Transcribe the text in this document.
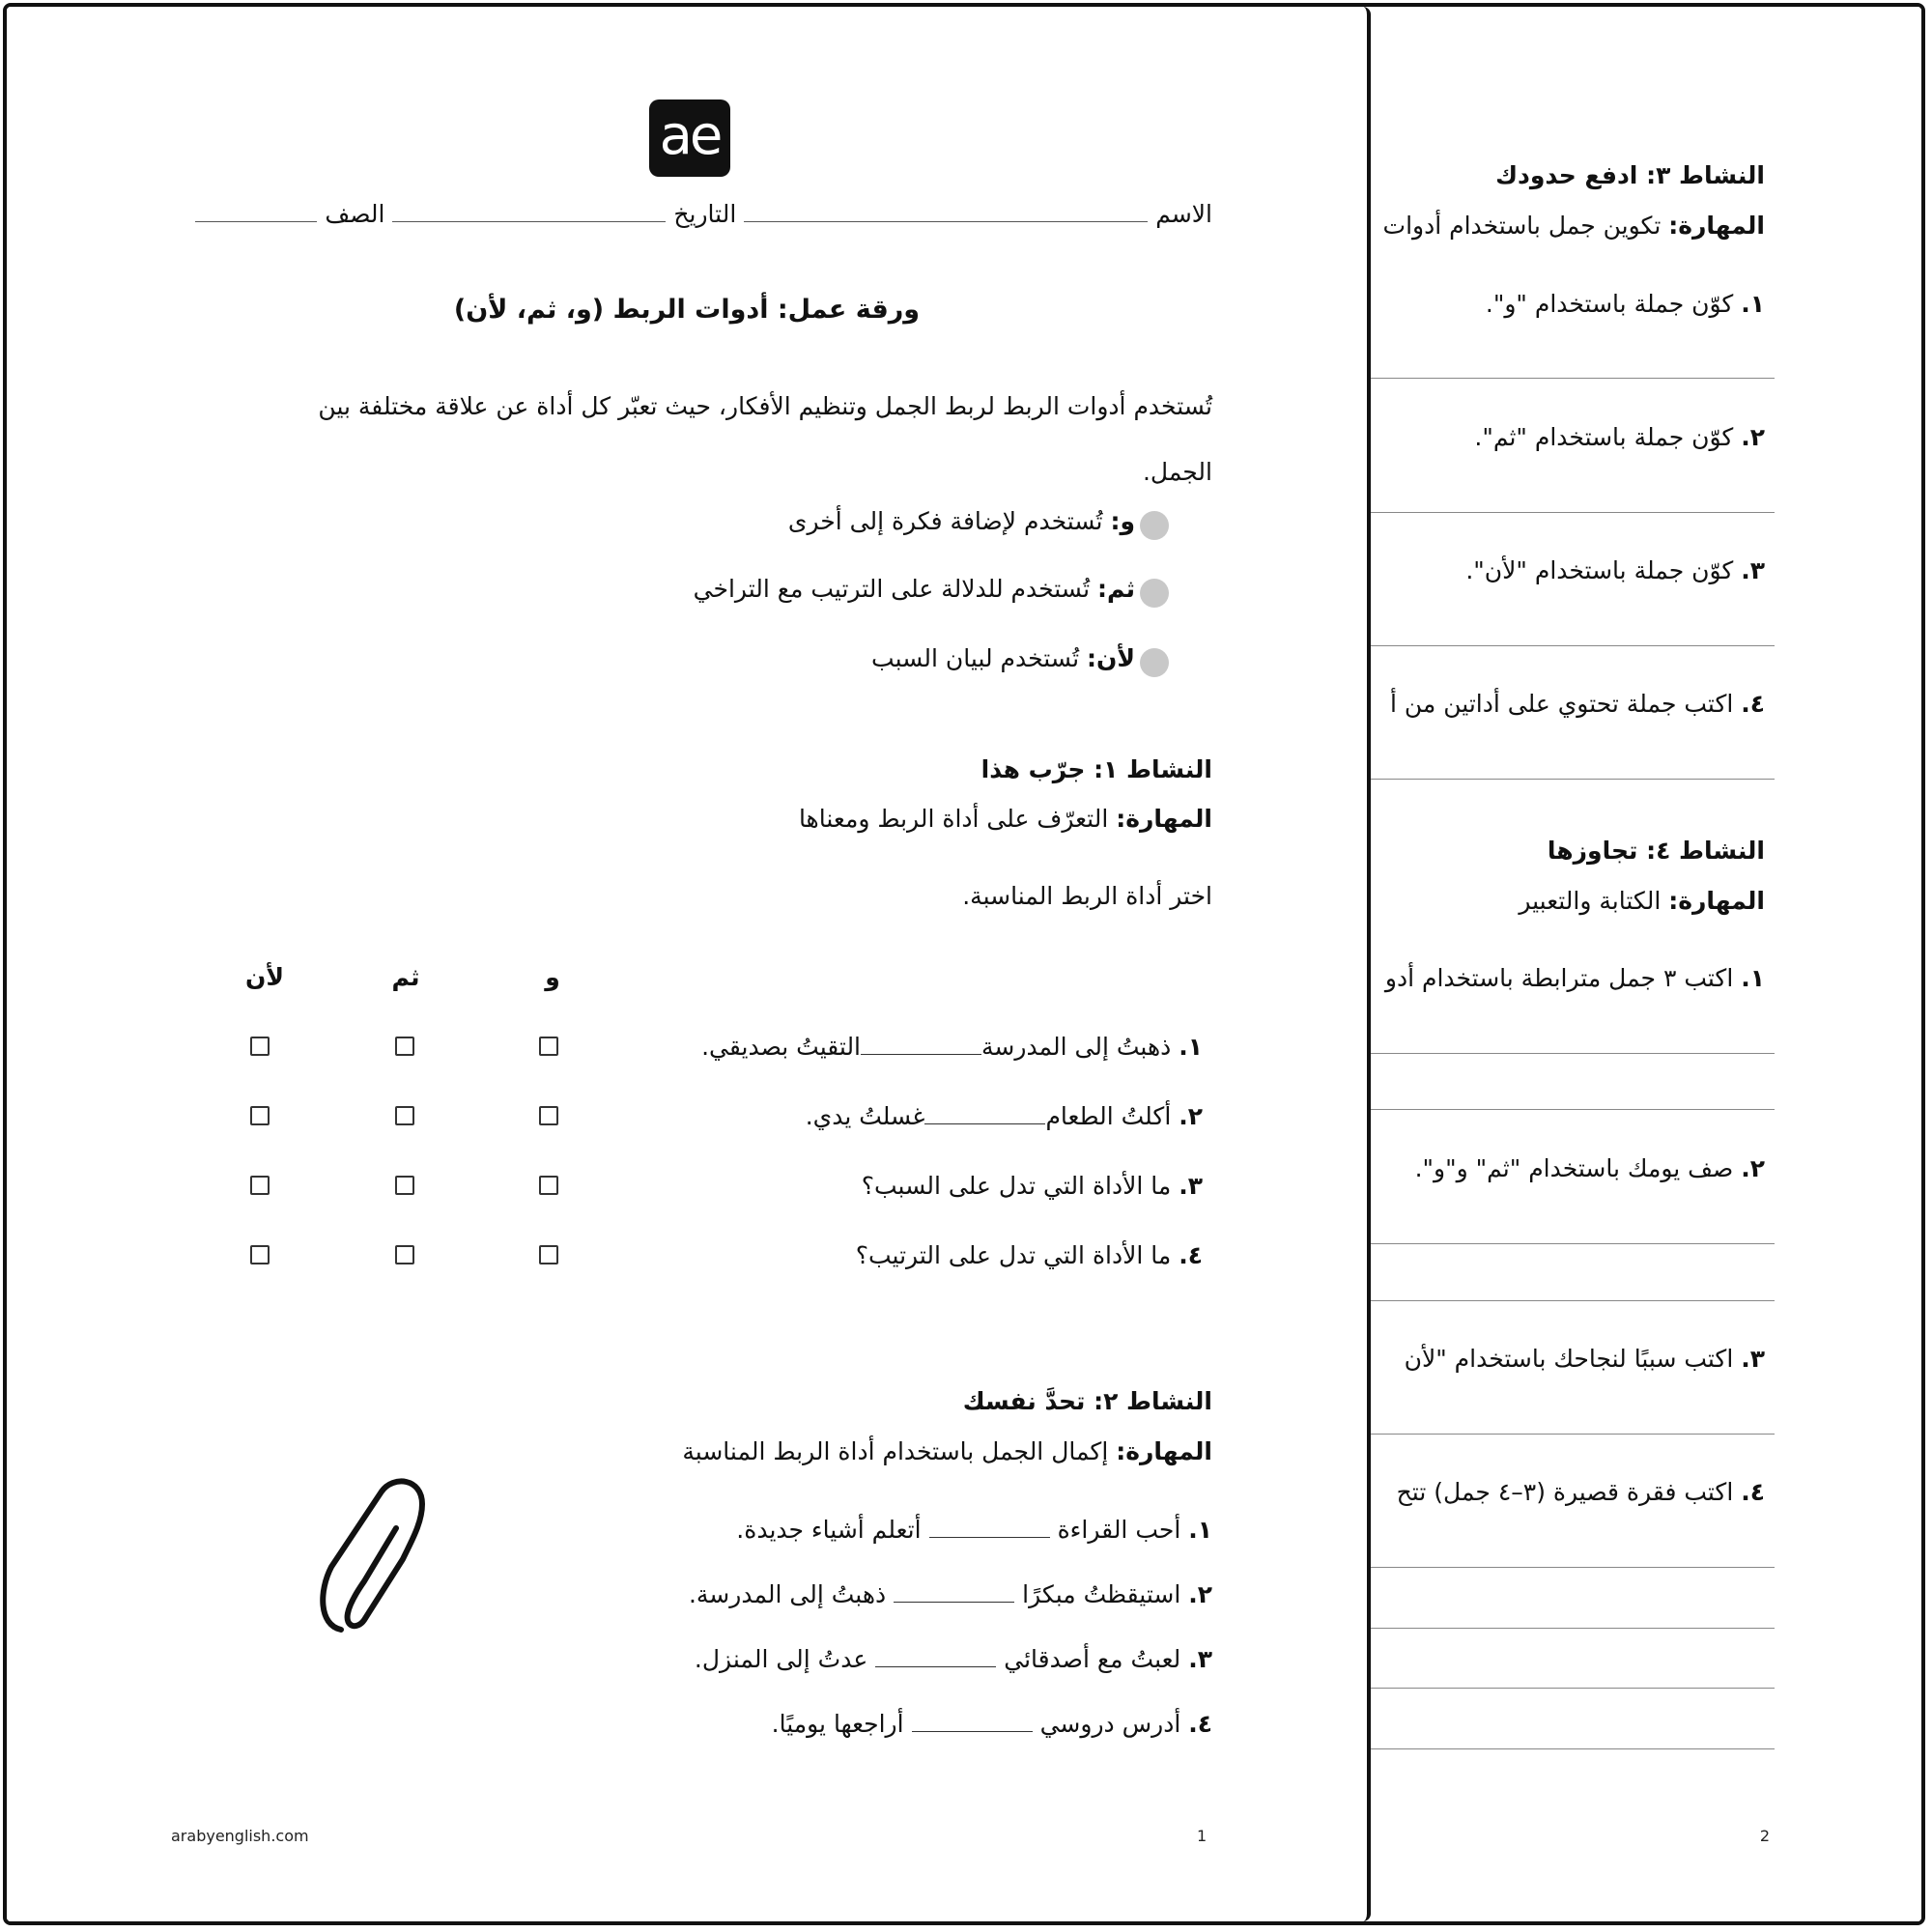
النشاط ٣: ادفع حدودك
المهارة: تكوين جمل باستخدام أدوات
١. كوّن جملة باستخدام "و".
٢. كوّن جملة باستخدام "ثم".
٣. كوّن جملة باستخدام "لأن".
٤. اكتب جملة تحتوي على أداتين من أ
النشاط ٤: تجاوزها
المهارة: الكتابة والتعبير
١. اكتب ٣ جمل مترابطة باستخدام أدو
٢. صف يومك باستخدام "ثم" و"و".
٣. اكتب سببًا لنجاحك باستخدام "لأن
٤. اكتب فقرة قصيرة (٣–٤ جمل) تتح
2
ae
الاسم  التاريخ  الصف
ورقة عمل: أدوات الربط (و، ثم، لأن)
تُستخدم أدوات الربط لربط الجمل وتنظيم الأفكار، حيث تعبّر كل أداة عن علاقة مختلفة بين الجمل.
و: تُستخدم لإضافة فكرة إلى أخرى
ثم: تُستخدم للدلالة على الترتيب مع التراخي
لأن: تُستخدم لبيان السبب
النشاط ١: جرّب هذا
المهارة: التعرّف على أداة الربط ومعناها
اختر أداة الربط المناسبة.
و
ثم
لأن
١. ذهبتُ إلى المدرسةالتقيتُ بصديقي.
٢. أكلتُ الطعامغسلتُ يدي.
٣. ما الأداة التي تدل على السبب؟
٤. ما الأداة التي تدل على الترتيب؟
النشاط ٢: تحدَّ نفسك
المهارة: إكمال الجمل باستخدام أداة الربط المناسبة
١. أحب القراءةأتعلم أشياء جديدة.
٢. استيقظتُ مبكرًاذهبتُ إلى المدرسة.
٣. لعبتُ مع أصدقائيعدتُ إلى المنزل.
٤. أدرس دروسيأراجعها يوميًا.
arabyenglish.com	1
